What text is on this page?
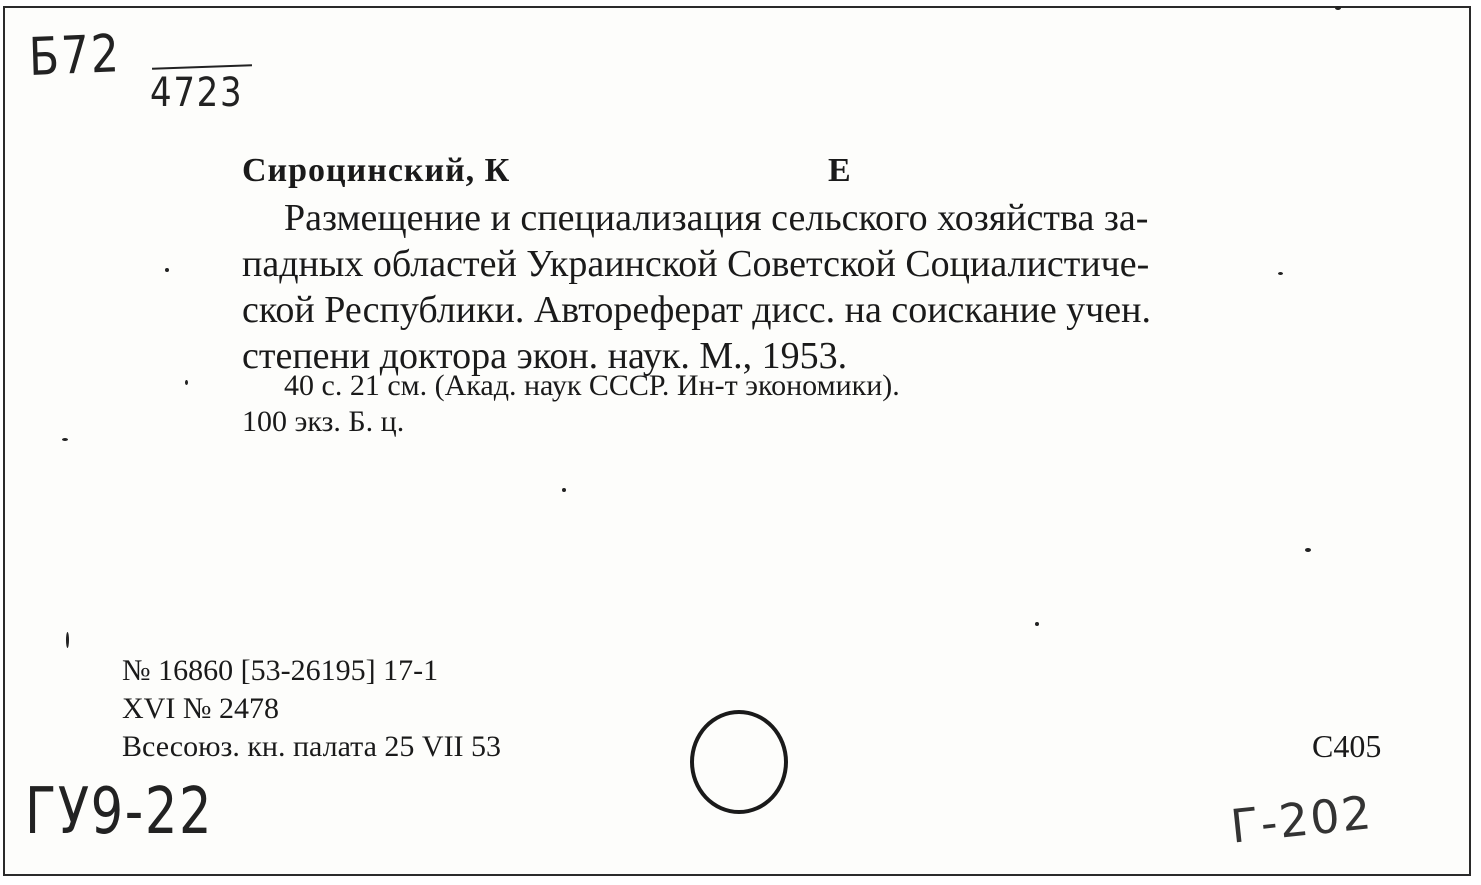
Б72
4723
Сироцинский, К	Е
Размещение и специализация сельского хозяйства за-
падных областей Украинской Советской Социалистиче-
ской Республики. Автореферат дисс. на соискание учен.
степени доктора экон. наук. М., 1953.
40 с. 21 см. (Акад. наук СССР. Ин-т экономики).
100 экз. Б. ц.
№ 16860 [53-26195] 17-1
XVI № 2478
Всесоюз. кн. палата 25 VII 53	C405
ГУ9-22	Г-202
